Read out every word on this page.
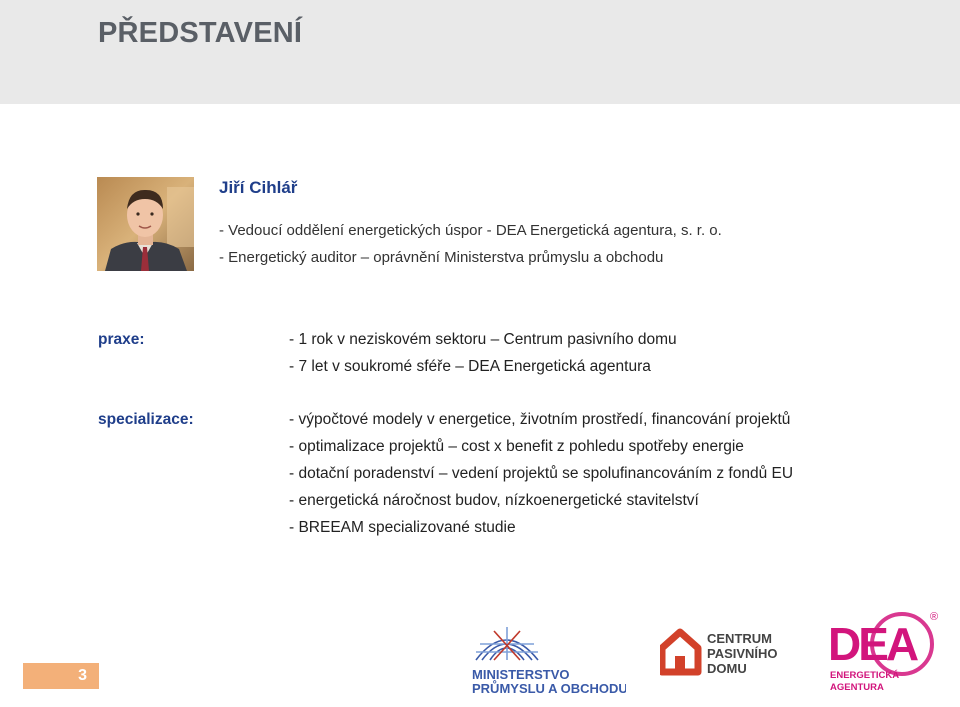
PŘEDSTAVENÍ
Jiří Cihlář
- Vedoucí oddělení energetických úspor - DEA Energetická agentura, s. r. o.
- Energetický auditor – oprávnění Ministerstva průmyslu a obchodu
praxe:	- 1 rok v neziskovém sektoru – Centrum pasivního domu
- 7 let v soukromé sféře – DEA Energetická agentura
specializace:	- výpočtové modely v energetice, životním prostředí, financování projektů
- optimalizace projektů – cost x benefit z pohledu spotřeby energie
- dotační poradenství – vedení projektů se spolufinancováním z fondů EU
- energetická náročnost budov, nízkoenergetické stavitelství
- BREEAM specializované studie
3	MINISTERSTVO
PRŮMYSLU A OBCHODU
CENTRUM
PASIVNÍHO
DOMU DEA
®
ENERGETICKÁ
AGENTURA
